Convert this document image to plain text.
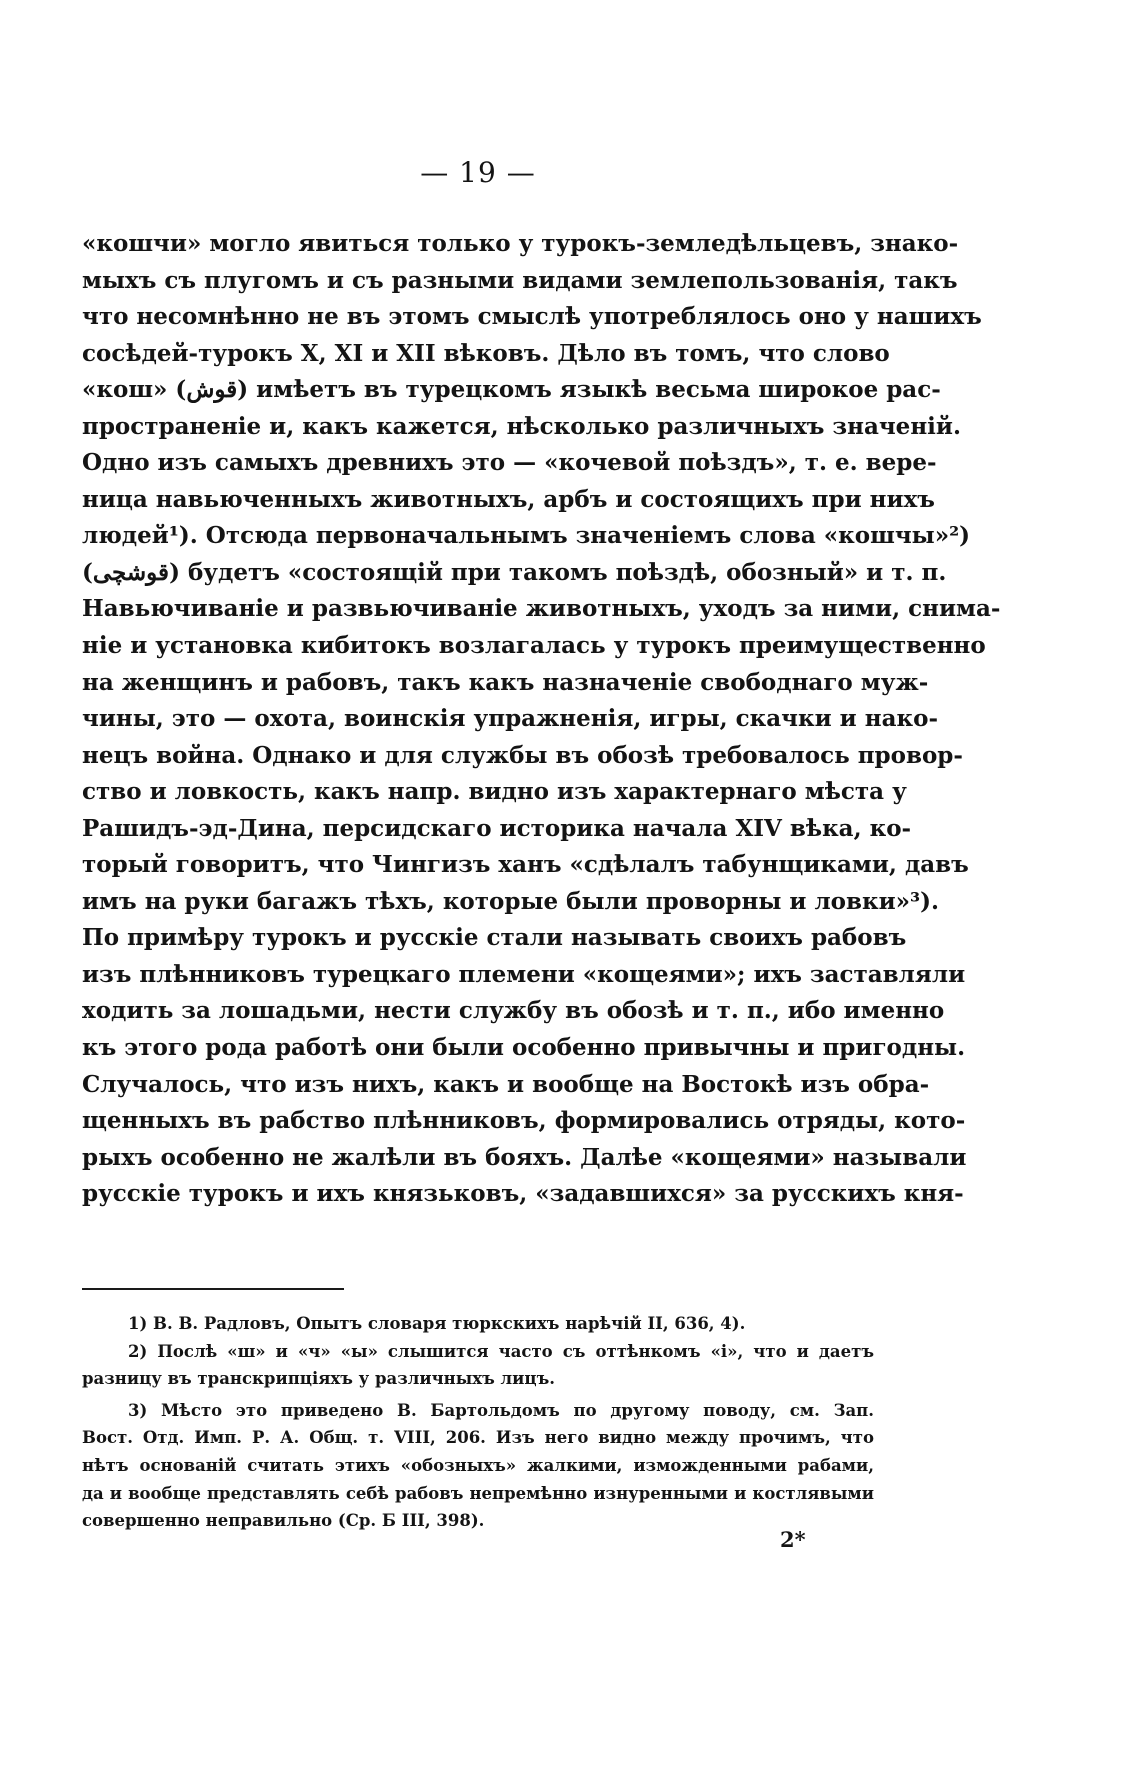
— 19 —
«кошчи» могло явиться только у турокъ-земледѣльцевъ, знако-
мыхъ съ плугомъ и съ разными видами землепользованія, такъ
что несомнѣнно не въ этомъ смыслѣ употреблялось оно у нашихъ
сосѣдей-турокъ X, XI и XII вѣковъ. Дѣло въ томъ, что слово
«кош» (قوش) имѣетъ въ турецкомъ языкѣ весьма широкое рас-
пространеніе и, какъ кажется, нѣсколько различныхъ значеній.
Одно изъ самыхъ древнихъ это — «кочевой поѣздъ», т. е. вере-
ница навьюченныхъ животныхъ, арбъ и состоящихъ при нихъ
людей¹). Отсюда первоначальнымъ значеніемъ слова «кошчы»²)
(قوشچى) будетъ «состоящій при такомъ поѣздѣ, обозный» и т. п.
Навьючиваніе и развьючиваніе животныхъ, уходъ за ними, снима-
ніе и установка кибитокъ возлагалась у турокъ преимущественно
на женщинъ и рабовъ, такъ какъ назначеніе свободнаго муж-
чины, это — охота, воинскія упражненія, игры, скачки и нако-
нецъ война. Однако и для службы въ обозѣ требовалось провор-
ство и ловкость, какъ напр. видно изъ характернаго мѣста у
Рашидъ-эд-Дина, персидскаго историка начала XIV вѣка, ко-
торый говоритъ, что Чингизъ ханъ «сдѣлалъ табунщиками, давъ
имъ на руки багажъ тѣхъ, которые были проворны и ловки»³).
По примѣру турокъ и русскіе стали называть своихъ рабовъ
изъ плѣнниковъ турецкаго племени «кощеями»; ихъ заставляли
ходить за лошадьми, нести службу въ обозѣ и т. п., ибо именно
къ этого рода работѣ они были особенно привычны и пригодны.
Случалось, что изъ нихъ, какъ и вообще на Востокѣ изъ обра-
щенныхъ въ рабство плѣнниковъ, формировались отряды, кото-
рыхъ особенно не жалѣли въ бояхъ. Далѣе «кощеями» называли
русскіе турокъ и ихъ князьковъ, «задавшихся» за русскихъ кня-
1) В. В. Радловъ, Опытъ словаря тюркскихъ нарѣчій II, 636, 4).
2) Послѣ «ш» и «ч» «ы» слышится часто съ оттѣнкомъ «і», что и даетъ
разницу въ транскрипціяхъ у различныхъ лицъ.
3) Мѣсто это приведено В. Бартольдомъ по другому поводу, см. Зап.
Вост. Отд. Имп. Р. А. Общ. т. VIII, 206. Изъ него видно между прочимъ, что
нѣтъ основаній считать этихъ «обозныхъ» жалкими, изможденными рабами,
да и вообще представлять себѣ рабовъ непремѣнно изнуренными и костлявыми
совершенно неправильно (Ср. Б III, 398).
2*
